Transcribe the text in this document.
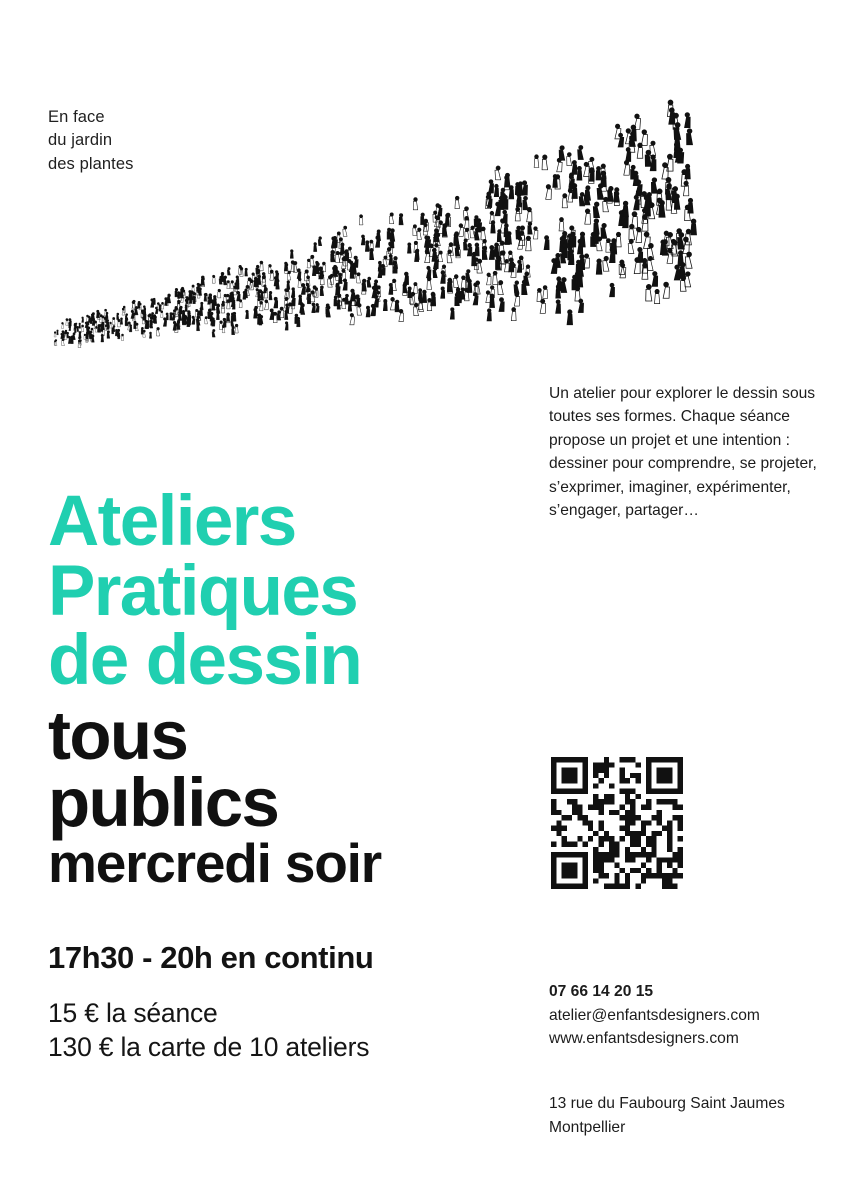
En face
du jardin
des plantes
Un atelier pour explorer le dessin sous toutes ses formes. Chaque séance propose un projet et une intention : dessiner pour comprendre, se projeter, s’exprimer, imaginer, expérimenter, s’engager, partager…
Ateliers
Pratiques
de dessin
tous
publics
mercredi soir
17h30 - 20h en continu
15 € la séance
130 € la carte de 10 ateliers
07 66 14 20 15
atelier@enfantsdesigners.com
www.enfantsdesigners.com
13 rue du Faubourg Saint Jaumes
Montpellier
